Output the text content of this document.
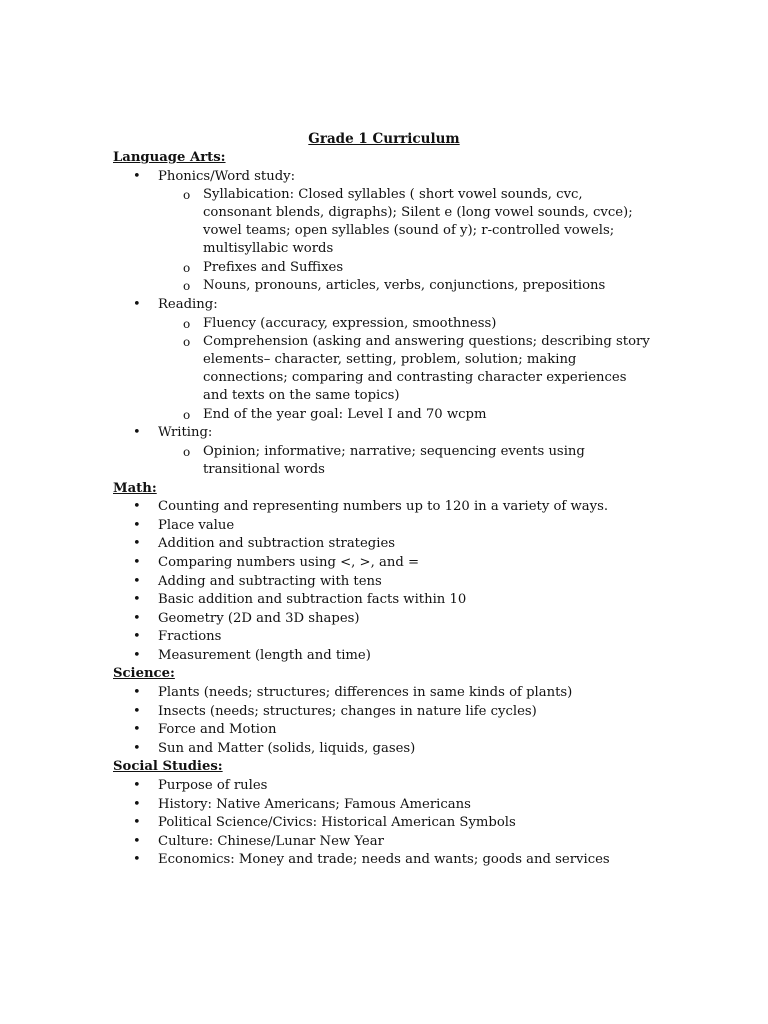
Grade 1 Curriculum
Language Arts:
• Phonics/Word study:
o Syllabication: Closed syllables ( short vowel sounds, cvc, consonant blends, digraphs); Silent e (long vowel sounds, cvce); vowel teams; open syllables (sound of y); r-controlled vowels; multisyllabic words
o Prefixes and Suffixes
o Nouns, pronouns, articles, verbs, conjunctions, prepositions
• Reading:
o Fluency (accuracy, expression, smoothness)
o Comprehension (asking and answering questions; describing story elements– character, setting, problem, solution; making connections; comparing and contrasting character experiences and texts on the same topics)
o End of the year goal: Level I and 70 wcpm
• Writing:
o Opinion; informative; narrative; sequencing events using transitional words
Math:
• Counting and representing numbers up to 120 in a variety of ways.
• Place value
• Addition and subtraction strategies
• Comparing numbers using <, >, and =
• Adding and subtracting with tens
• Basic addition and subtraction facts within 10
• Geometry (2D and 3D shapes)
• Fractions
• Measurement (length and time)
Science:
• Plants (needs; structures; differences in same kinds of plants)
• Insects (needs; structures; changes in nature life cycles)
• Force and Motion
• Sun and Matter (solids, liquids, gases)
Social Studies:
• Purpose of rules
• History: Native Americans; Famous Americans
• Political Science/Civics: Historical American Symbols
• Culture: Chinese/Lunar New Year
• Economics: Money and trade; needs and wants; goods and services
